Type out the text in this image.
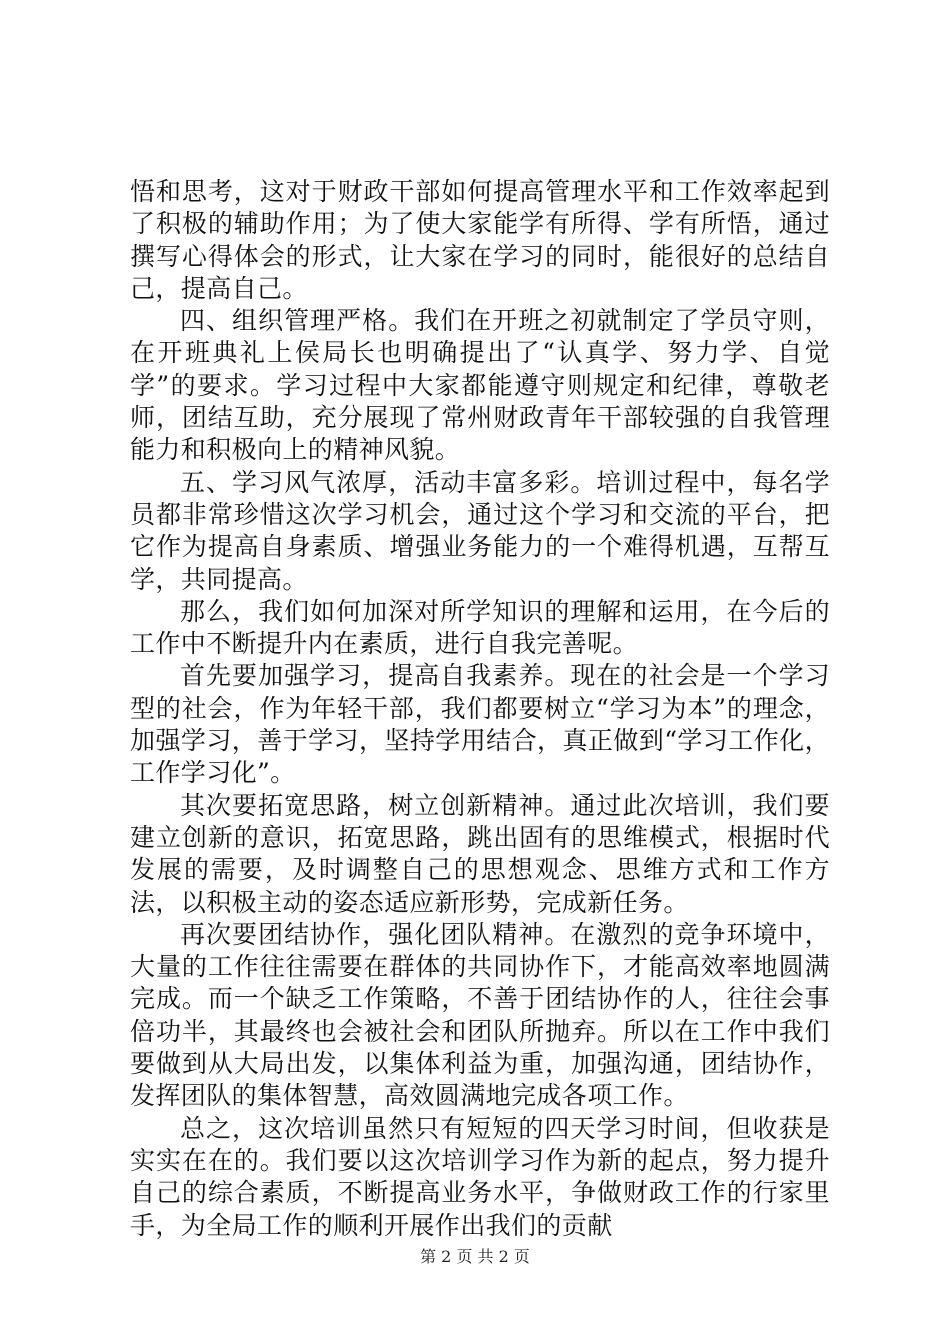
悟和思考，这对于财政干部如何提高管理水平和工作效率起到了积极的辅助作用；为了使大家能学有所得、学有所悟，通过撰写心得体会的形式，让大家在学习的同时，能很好的总结自己，提高自己。

四、组织管理严格。我们在开班之初就制定了学员守则，在开班典礼上侯局长也明确提出了“认真学、努力学、自觉学”的要求。学习过程中大家都能遵守则规定和纪律，尊敬老师，团结互助，充分展现了常州财政青年干部较强的自我管理能力和积极向上的精神风貌。

五、学习风气浓厚，活动丰富多彩。培训过程中，每名学员都非常珍惜这次学习机会，通过这个学习和交流的平台，把它作为提高自身素质、增强业务能力的一个难得机遇，互帮互学，共同提高。

那么，我们如何加深对所学知识的理解和运用，在今后的工作中不断提升内在素质，进行自我完善呢。

首先要加强学习，提高自我素养。现在的社会是一个学习型的社会，作为年轻干部，我们都要树立“学习为本”的理念，加强学习，善于学习，坚持学用结合，真正做到“学习工作化，工作学习化”。

其次要拓宽思路，树立创新精神。通过此次培训，我们要建立创新的意识，拓宽思路，跳出固有的思维模式，根据时代发展的需要，及时调整自己的思想观念、思维方式和工作方法，以积极主动的姿态适应新形势，完成新任务。

再次要团结协作，强化团队精神。在激烈的竞争环境中，大量的工作往往需要在群体的共同协作下，才能高效率地圆满完成。而一个缺乏工作策略，不善于团结协作的人，往往会事倍功半，其最终也会被社会和团队所抛弃。所以在工作中我们要做到从大局出发，以集体利益为重，加强沟通，团结协作，发挥团队的集体智慧，高效圆满地完成各项工作。

总之，这次培训虽然只有短短的四天学习时间，但收获是实实在在的。我们要以这次培训学习作为新的起点，努力提升自己的综合素质，不断提高业务水平，争做财政工作的行家里手，为全局工作的顺利开展作出我们的贡献

第 2 页 共 2 页
